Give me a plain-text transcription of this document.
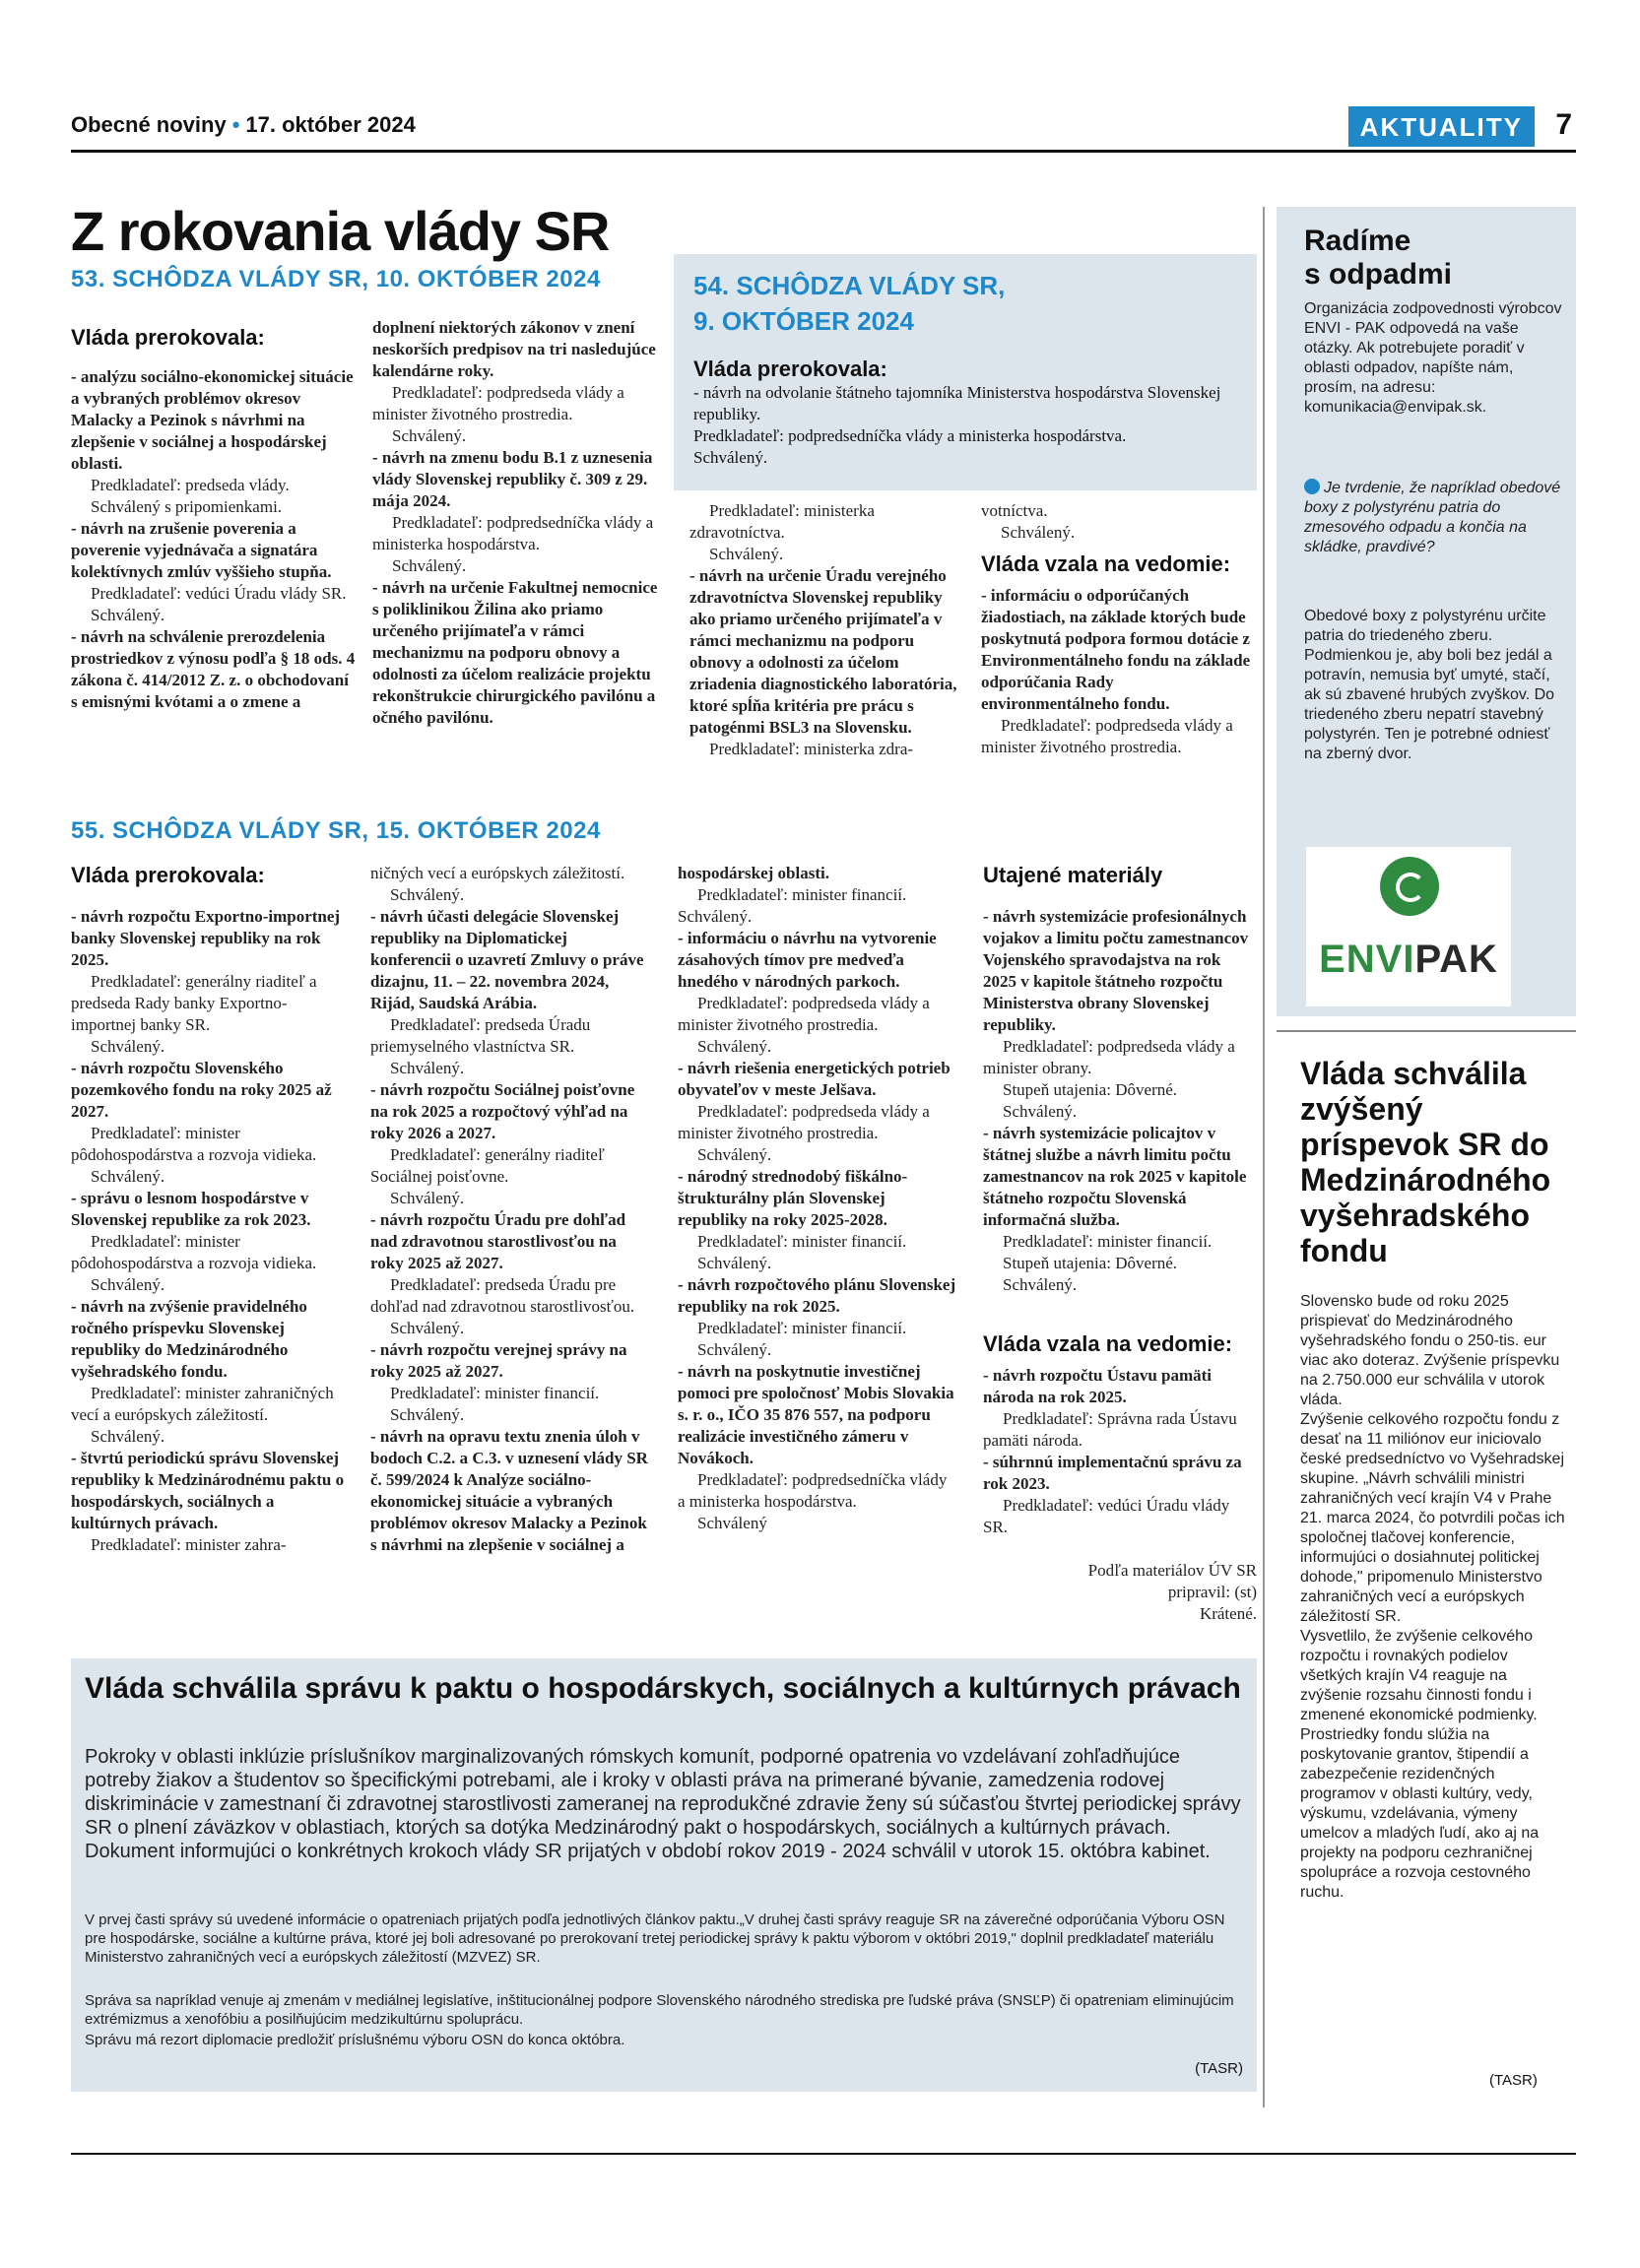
Obecné noviny • 17. október 2024	AKTUALITY	7
Z rokovania vlády SR
53. SCHÔDZA VLÁDY SR, 10. OKTÓBER 2024
Vláda prerokovala:

- analýzu sociálno-ekonomickej situácie a vybraných problémov okresov Malacky a Pezinok s návrhmi na zlepšenie v sociálnej a hospodárskej oblasti.

Predkladateľ: predseda vlády.

Schválený s pripomienkami.

- návrh na zrušenie poverenia a poverenie vyjednávača a signatára kolektívnych zmlúv vyššieho stupňa.

Predkladateľ: vedúci Úradu vlády SR.

Schválený.

- návrh na schválenie prerozdelenia prostriedkov z výnosu podľa § 18 ods. 4 zákona č. 414/2012 Z. z. o obchodovaní s emisnými kvótami a o zmene a

doplnení niektorých zákonov v znení neskorších predpisov na tri nasledujúce kalendárne roky.

Predkladateľ: podpredseda vlády a minister životného prostredia.

Schválený.

- návrh na zmenu bodu B.1 z uznesenia vlády Slovenskej republiky č. 309 z 29. mája 2024.

Predkladateľ: podpredsedníčka vlády a ministerka hospodárstva.

Schválený.

- návrh na určenie Fakultnej nemocnice s poliklinikou Žilina ako priamo určeného prijímateľa v rámci mechanizmu na podporu obnovy a odolnosti za účelom realizácie projektu rekonštrukcie chirurgického pavilónu a očného pavilónu.

54. SCHÔDZA VLÁDY SR,
9. OKTÓBER 2024
Vláda prerokovala:

- návrh na odvolanie štátneho tajomníka Ministerstva hospodárstva Slovenskej republiky.

Predkladateľ: podpredsedníčka vlády a ministerka hospodárstva.

Schválený.

Predkladateľ: ministerka zdravotníctva.

Schválený.

- návrh na určenie Úradu verejného zdravotníctva Slovenskej republiky ako priamo určeného prijímateľa v rámci mechanizmu na podporu obnovy a odolnosti za účelom zriadenia diagnostického laboratória, ktoré spĺňa kritéria pre prácu s patogénmi BSL3 na Slovensku.

Predkladateľ: ministerka zdra-

votníctva.

Schválený.

Vláda vzala na vedomie:

- informáciu o odporúčaných žiadostiach, na základe ktorých bude poskytnutá podpora formou dotácie z Environmentálneho fondu na základe odporúčania Rady environmentálneho fondu.

Predkladateľ: podpredseda vlády a minister životného prostredia.

55. SCHÔDZA VLÁDY SR, 15. OKTÓBER 2024
Vláda prerokovala:

- návrh rozpočtu Exportno-importnej banky Slovenskej republiky na rok 2025.

Predkladateľ: generálny riaditeľ a predseda Rady banky Exportno-importnej banky SR.

Schválený.

- návrh rozpočtu Slovenského pozemkového fondu na roky 2025 až 2027.

Predkladateľ: minister pôdohospodárstva a rozvoja vidieka.

Schválený.

- správu o lesnom hospodárstve v Slovenskej republike za rok 2023.

Predkladateľ: minister pôdohospodárstva a rozvoja vidieka.

Schválený.

- návrh na zvýšenie pravidelného ročného príspevku Slovenskej republiky do Medzinárodného vyšehradského fondu.

Predkladateľ: minister zahraničných vecí a európskych záležitostí.

Schválený.

- štvrtú periodickú správu Slovenskej republiky k Medzinárodnému paktu o hospodárskych, sociálnych a kultúrnych právach.

Predkladateľ: minister zahra-

ničných vecí a európskych záležitostí.

Schválený.

- návrh účasti delegácie Slovenskej republiky na Diplomatickej konferencii o uzavretí Zmluvy o práve dizajnu, 11. – 22. novembra 2024, Rijád, Saudská Arábia.

Predkladateľ: predseda Úradu priemyselného vlastníctva SR.

Schválený.

- návrh rozpočtu Sociálnej poisťovne na rok 2025 a rozpočtový výhľad na roky 2026 a 2027.

Predkladateľ: generálny riaditeľ Sociálnej poisťovne.

Schválený.

- návrh rozpočtu Úradu pre dohľad nad zdravotnou starostlivosťou na roky 2025 až 2027.

Predkladateľ: predseda Úradu pre dohľad nad zdravotnou starostlivosťou.

Schválený.

- návrh rozpočtu verejnej správy na roky 2025 až 2027.

Predkladateľ: minister financií.

Schválený.

- návrh na opravu textu znenia úloh v bodoch C.2. a C.3. v uznesení vlády SR č. 599/2024 k Analýze sociálno-ekonomickej situácie a vybraných problémov okresov Malacky a Pezinok s návrhmi na zlepšenie v sociálnej a

hospodárskej oblasti.

Predkladateľ: minister financií.

Schválený.

- informáciu o návrhu na vytvorenie zásahových tímov pre medveďa hnedého v národných parkoch.

Predkladateľ: podpredseda vlády a minister životného prostredia.

Schválený.

- návrh riešenia energetických potrieb obyvateľov v meste Jelšava.

Predkladateľ: podpredseda vlády a minister životného prostredia.

Schválený.

- národný strednodobý fiškálno-štrukturálny plán Slovenskej republiky na roky 2025-2028.

Predkladateľ: minister financií.

Schválený.

- návrh rozpočtového plánu Slovenskej republiky na rok 2025.

Predkladateľ: minister financií.

Schválený.

- návrh na poskytnutie investičnej pomoci pre spoločnosť Mobis Slovakia s. r. o., IČO 35 876 557, na podporu realizácie investičného zámeru v Novákoch.

Predkladateľ: podpredsedníčka vlády a ministerka hospodárstva.

Schválený

Utajené materiály

- návrh systemizácie profesionálnych vojakov a limitu počtu zamestnancov Vojenského spravodajstva na rok 2025 v kapitole štátneho rozpočtu Ministerstva obrany Slovenskej republiky.

Predkladateľ: podpredseda vlády a minister obrany.

Stupeň utajenia: Dôverné.

Schválený.

- návrh systemizácie policajtov v štátnej službe a návrh limitu počtu zamestnancov na rok 2025 v kapitole štátneho rozpočtu Slovenská informačná služba.

Predkladateľ: minister financií.

Stupeň utajenia: Dôverné.

Schválený.

Vláda vzala na vedomie:

- návrh rozpočtu Ústavu pamäti národa na rok 2025.

Predkladateľ: Správna rada Ústavu pamäti národa.

- súhrnnú implementačnú správu za rok 2023.

Predkladateľ: vedúci Úradu vlády SR.

Podľa materiálov ÚV SR

pripravil: (st)

Krátené.

Radíme
s odpadmi
Organizácia zodpovednosti výrobcov ENVI - PAK odpovedá na vaše otázky. Ak potrebujete poradiť v oblasti odpadov, napíšte nám, prosím, na adresu: komunikacia@envipak.sk.
Je tvrdenie, že napríklad obedové boxy z polystyrénu patria do zmesového odpadu a končia na skládke, pravdivé?
Obedové boxy z polystyrénu určite patria do triedeného zberu. Podmienkou je, aby boli bez jedál a potravín, nemusia byť umyté, stačí, ak sú zbavené hrubých zvyškov. Do triedeného zberu nepatrí stavebný polystyrén. Ten je potrebné odniesť na zberný dvor.
ENVIPAK
Vláda schválila zvýšený príspevok SR do Medzinárodného vyšehradského fondu

Slovensko bude od roku 2025 prispievať do Medzinárodného vyšehradského fondu o 250-tis. eur viac ako doteraz. Zvýšenie príspevku na 2.750.000 eur schválila v utorok vláda.

Zvýšenie celkového rozpočtu fondu z desať na 11 miliónov eur iniciovalo české predsedníctvo vo Vyšehradskej skupine. „Návrh schválili ministri zahraničných vecí krajín V4 v Prahe 21. marca 2024, čo potvrdili počas ich spoločnej tlačovej konferencie, informujúci o dosiahnutej politickej dohode," pripomenulo Ministerstvo zahraničných vecí a európskych záležitostí SR.

Vysvetlilo, že zvýšenie celkového rozpočtu i rovnakých podielov všetkých krajín V4 reaguje na zvýšenie rozsahu činnosti fondu i zmenené ekonomické podmienky.

Prostriedky fondu slúžia na poskytovanie grantov, štipendií a zabezpečenie rezidenčných programov v oblasti kultúry, vedy, výskumu, vzdelávania, výmeny umelcov a mladých ľudí, ako aj na projekty na podporu cezhraničnej spolupráce a rozvoja cestovného ruchu.

(TASR)
Vláda schválila správu k paktu o hospodárskych, sociálnych a kultúrnych právach
Pokroky v oblasti inklúzie príslušníkov marginalizovaných rómskych komunít, podporné opatrenia vo vzdelávaní zohľadňujúce potreby žiakov a študentov so špecifickými potrebami, ale i kroky v oblasti práva na primerané bývanie, zamedzenia rodovej diskriminácie v zamestnaní či zdravotnej starostlivosti zameranej na reprodukčné zdravie ženy sú súčasťou štvrtej periodickej správy SR o plnení záväzkov v oblastiach, ktorých sa dotýka Medzinárodný pakt o hospodárskych, sociálnych a kultúrnych právach. Dokument informujúci o konkrétnych krokoch vlády SR prijatých v období rokov 2019 - 2024 schválil v utorok 15. októbra kabinet.
V prvej časti správy sú uvedené informácie o opatreniach prijatých podľa jednotlivých článkov paktu.„V druhej časti správy reaguje SR na záverečné odporúčania Výboru OSN pre hospodárske, sociálne a kultúrne práva, ktoré jej boli adresované po prerokovaní tretej periodickej správy k paktu výborom v októbri 2019," doplnil predkladateľ materiálu Ministerstvo zahraničných vecí a európskych záležitostí (MZVEZ) SR.
Správa sa napríklad venuje aj zmenám v mediálnej legislatíve, inštitucionálnej podpore Slovenského národného strediska pre ľudské práva (SNSĽP) či opatreniam eliminujúcim extrémizmus a xenofóbiu a posilňujúcim medzikultúrnu spoluprácu.
Správu má rezort diplomacie predložiť príslušnému výboru OSN do konca októbra.
(TASR)
